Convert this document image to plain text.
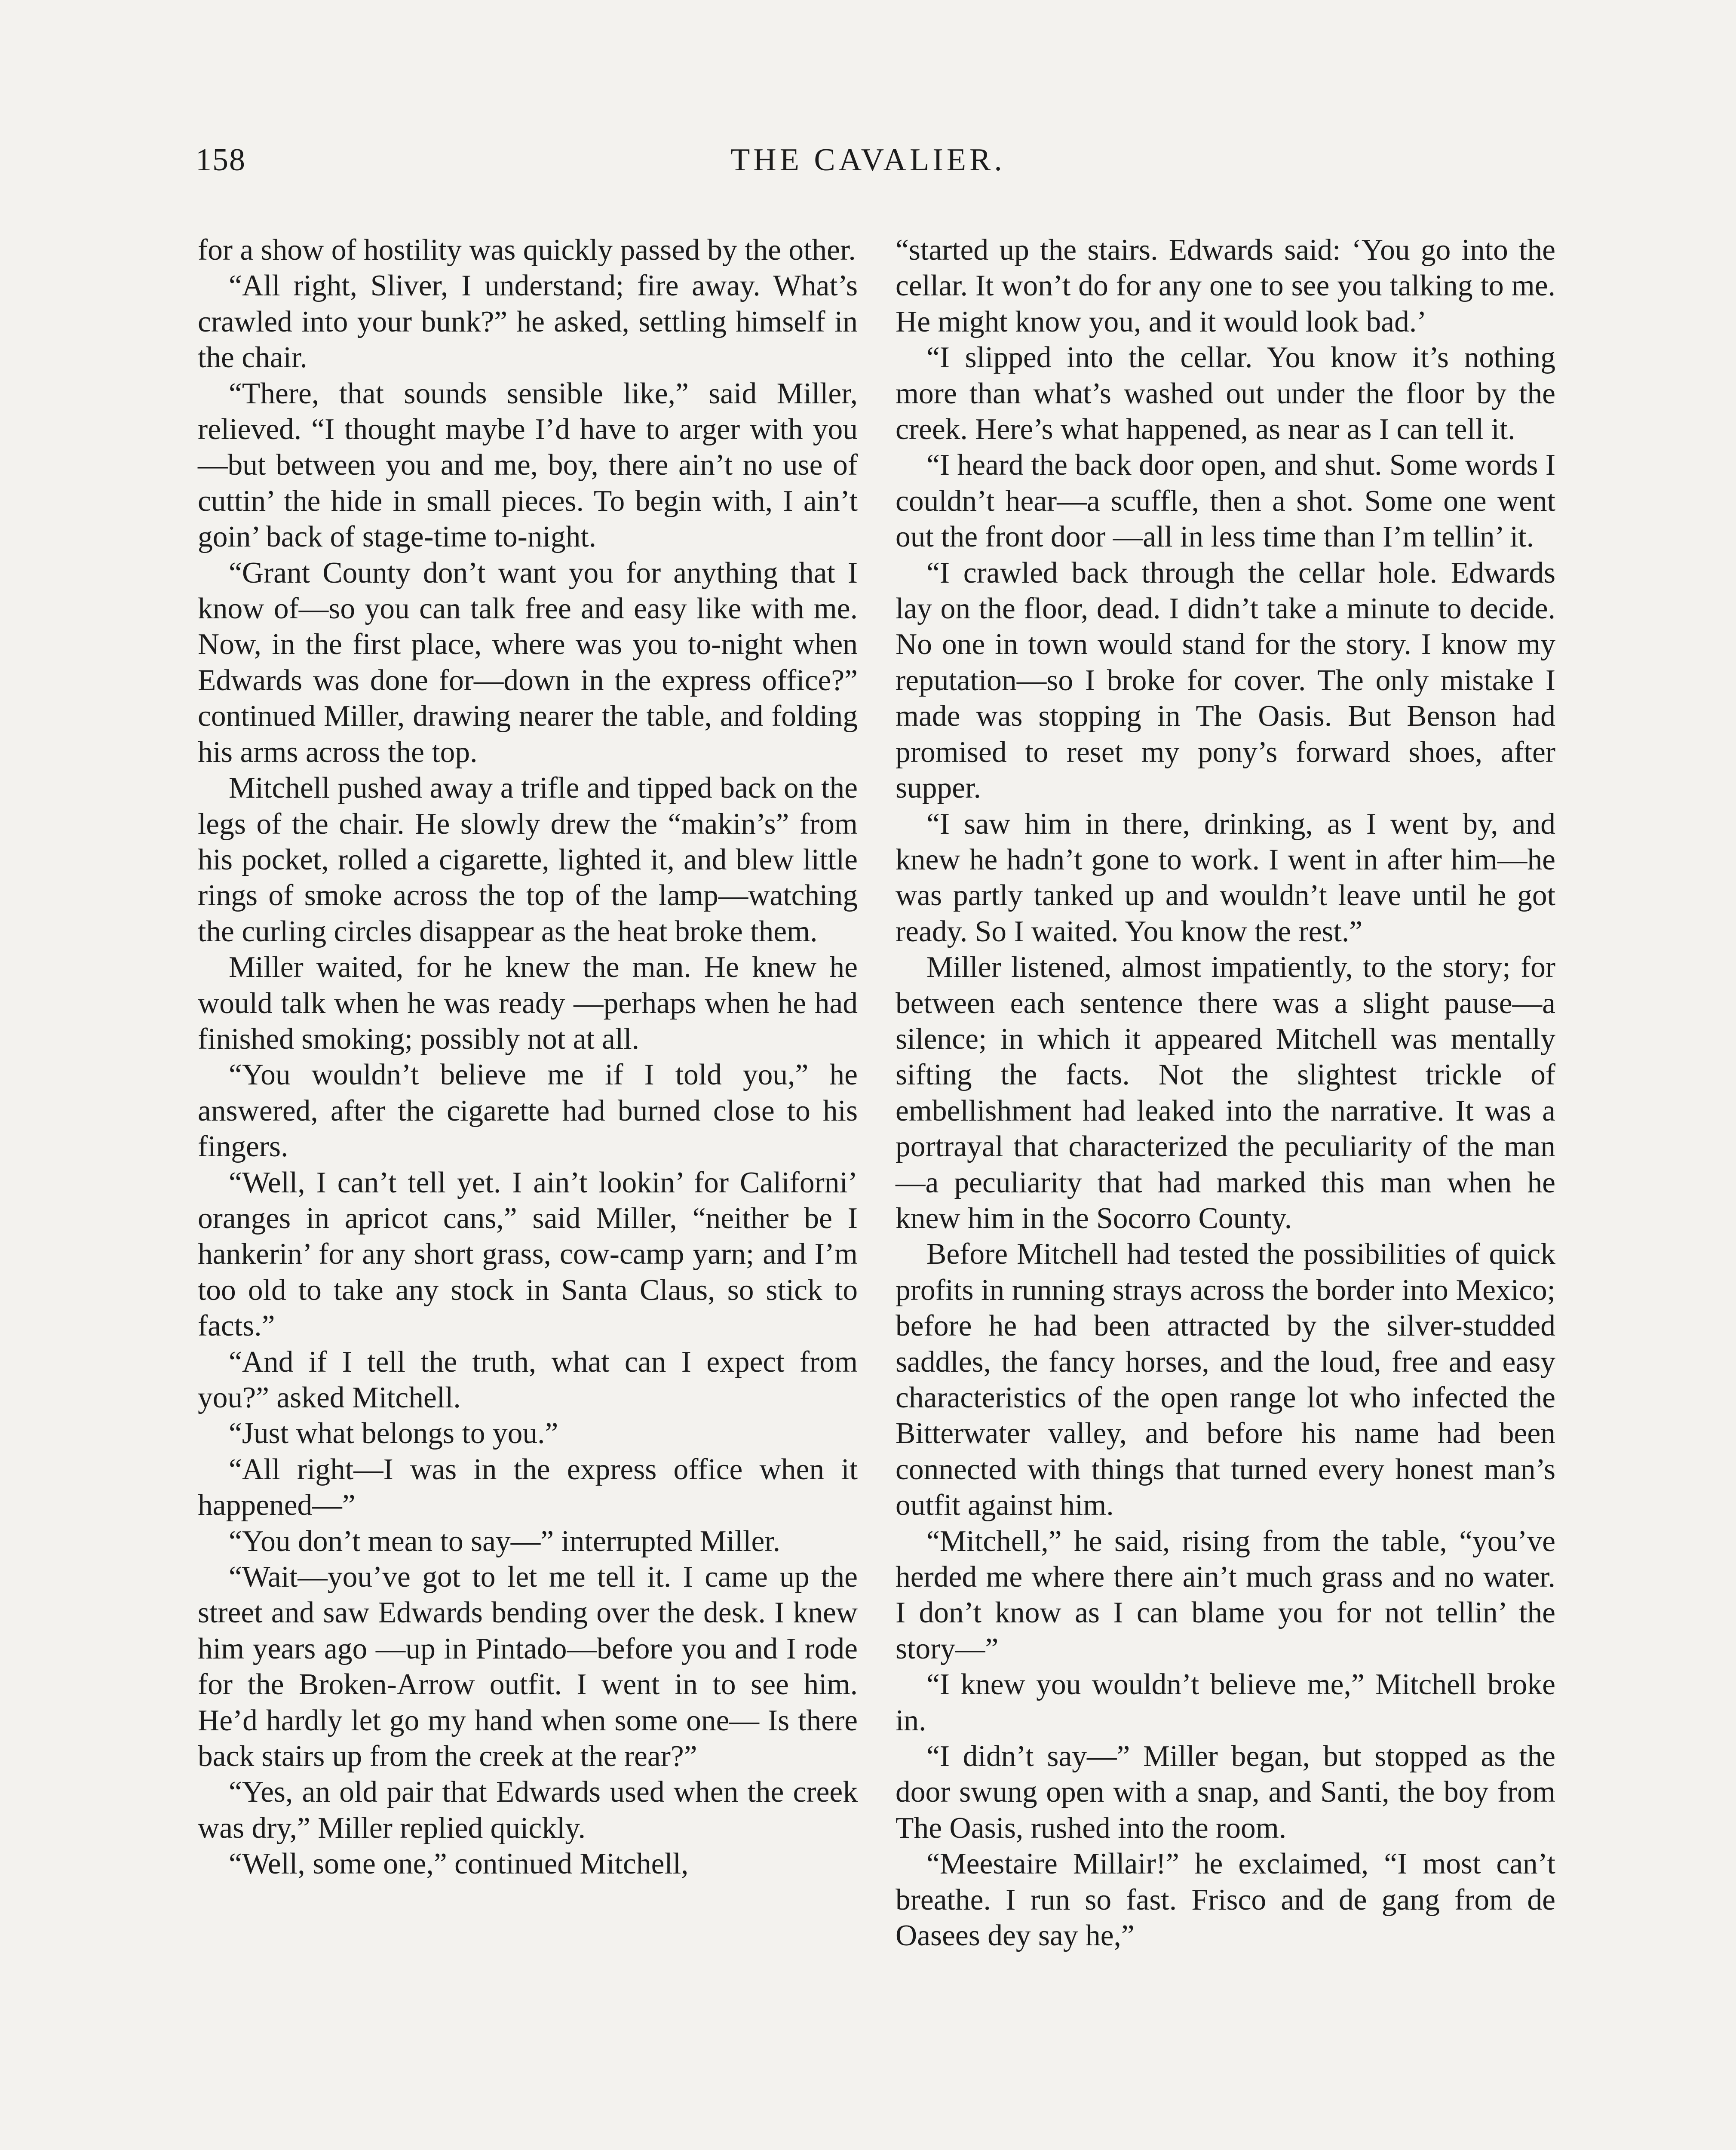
158	THE CAVALIER.

for a show of hostility was quickly passed by the other.

“All right, Sliver, I understand; fire away. What’s crawled into your bunk?” he asked, settling himself in the chair.

“There, that sounds sensible like,” said Miller, relieved. “I thought maybe I’d have to arger with you—but between you and me, boy, there ain’t no use of cuttin’ the hide in small pieces. To begin with, I ain’t goin’ back of stage-time to-night.

“Grant County don’t want you for anything that I know of—so you can talk free and easy like with me. Now, in the first place, where was you to-night when Edwards was done for—down in the express office?” continued Miller, drawing nearer the table, and folding his arms across the top.

Mitchell pushed away a trifle and tipped back on the legs of the chair. He slowly drew the “makin’s” from his pocket, rolled a cigarette, lighted it, and blew little rings of smoke across the top of the lamp—watching the curling circles disappear as the heat broke them.

Miller waited, for he knew the man. He knew he would talk when he was ready —perhaps when he had finished smoking; possibly not at all.

“You wouldn’t believe me if I told you,” he answered, after the cigarette had burned close to his fingers.

“Well, I can’t tell yet. I ain’t lookin’ for Californi’ oranges in apricot cans,” said Miller, “neither be I hankerin’ for any short grass, cow-camp yarn; and I’m too old to take any stock in Santa Claus, so stick to facts.”

“And if I tell the truth, what can I expect from you?” asked Mitchell.

“Just what belongs to you.”

“All right—I was in the express office when it happened—”

“You don’t mean to say—” interrupted Miller.

“Wait—you’ve got to let me tell it. I came up the street and saw Edwards bending over the desk. I knew him years ago —up in Pintado—before you and I rode for the Broken-Arrow outfit. I went in to see him. He’d hardly let go my hand when some one— Is there back stairs up from the creek at the rear?”

“Yes, an old pair that Edwards used when the creek was dry,” Miller replied quickly.

“Well, some one,” continued Mitchell,

“started up the stairs. Edwards said: ‘You go into the cellar. It won’t do for any one to see you talking to me. He might know you, and it would look bad.’

“I slipped into the cellar. You know it’s nothing more than what’s washed out under the floor by the creek. Here’s what happened, as near as I can tell it.

“I heard the back door open, and shut. Some words I couldn’t hear—a scuffle, then a shot. Some one went out the front door —all in less time than I’m tellin’ it.

“I crawled back through the cellar hole. Edwards lay on the floor, dead. I didn’t take a minute to decide. No one in town would stand for the story. I know my reputation—so I broke for cover. The only mistake I made was stopping in The Oasis. But Benson had promised to reset my pony’s forward shoes, after supper.

“I saw him in there, drinking, as I went by, and knew he hadn’t gone to work. I went in after him—he was partly tanked up and wouldn’t leave until he got ready. So I waited. You know the rest.”

Miller listened, almost impatiently, to the story; for between each sentence there was a slight pause—a silence; in which it appeared Mitchell was mentally sifting the facts. Not the slightest trickle of embellishment had leaked into the narrative. It was a portrayal that characterized the peculiarity of the man—a peculiarity that had marked this man when he knew him in the Socorro County.

Before Mitchell had tested the possibilities of quick profits in running strays across the border into Mexico; before he had been attracted by the silver-studded saddles, the fancy horses, and the loud, free and easy characteristics of the open range lot who infected the Bitterwater valley, and before his name had been connected with things that turned every honest man’s outfit against him.

“Mitchell,” he said, rising from the table, “you’ve herded me where there ain’t much grass and no water. I don’t know as I can blame you for not tellin’ the story—”

“I knew you wouldn’t believe me,” Mitchell broke in.

“I didn’t say—” Miller began, but stopped as the door swung open with a snap, and Santi, the boy from The Oasis, rushed into the room.

“Meestaire Millair!” he exclaimed, “I most can’t breathe. I run so fast. Frisco and de gang from de Oasees dey say he,”
